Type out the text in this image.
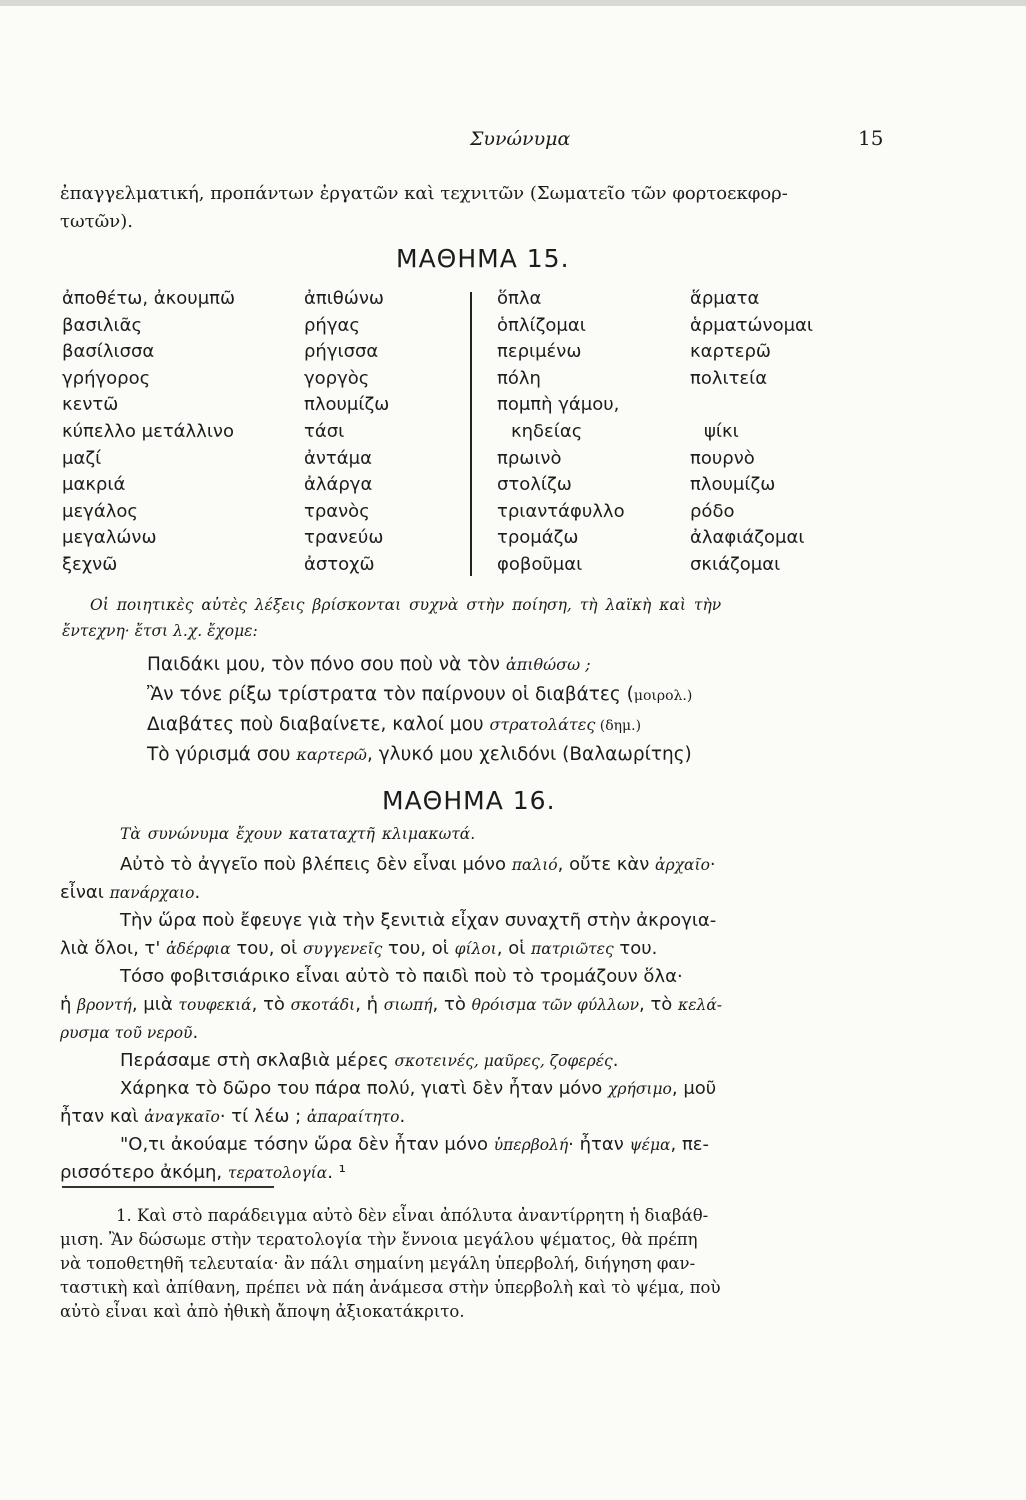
Συνώνυμα	15
ἐπαγγελματική, προπάντων ἐργατῶν καὶ τεχνιτῶν (Σωματεῖο τῶν φορτοεκφορ-
τωτῶν).
ΜΑΘΗΜΑ 15.
ἀποθέτω, ἀκουμπῶ
βασιλιᾶς
βασίλισσα
γρήγορος
κεντῶ
κύπελλο μετάλλινο
μαζί
μακριά
μεγάλος
μεγαλώνω
ξεχνῶ
ἀπιθώνω
ρήγας
ρήγισσα
γοργὸς
πλουμίζω
τάσι
ἀντάμα
ἀλάργα
τρανὸς
τρανεύω
ἀστοχῶ
ὅπλα
ὁπλίζομαι
περιμένω
πόλη
πομπὴ γάμου,
κηδείας
πρωινὸ
στολίζω
τριαντάφυλλο
τρομάζω
φοβοῦμαι
ἅρματα
ἁρματώνομαι
καρτερῶ
πολιτεία
ψίκι
πουρνὸ
πλουμίζω
ρόδο
ἀλαφιάζομαι
σκιάζομαι
Οἱ ποιητικὲς αὐτὲς λέξεις βρίσκονται συχνὰ στὴν ποίηση, τὴ λαϊκὴ καὶ τὴν
ἔντεχνη· ἔτσι λ.χ. ἔχομε:
Παιδάκι μου, τὸν πόνο σου ποὺ νὰ τὸν ἀπιθώσω ;
Ἂν τόνε ρίξω τρίστρατα τὸν παίρνουν οἱ διαβάτες (μοιρολ.)
Διαβάτες ποὺ διαβαίνετε, καλοί μου στρατολάτες (δημ.)
Τὸ γύρισμά σου καρτερῶ, γλυκό μου χελιδόνι (Βαλαωρίτης)
ΜΑΘΗΜΑ 16.
Τὰ συνώνυμα ἔχουν καταταχτῆ κλιμακωτά.
Αὐτὸ τὸ ἀγγεῖο ποὺ βλέπεις δὲν εἶναι μόνο παλιό, οὔτε κὰν ἀρχαῖο·
εἶναι πανάρχαιο.
Τὴν ὥρα ποὺ ἔφευγε γιὰ τὴν ξενιτιὰ εἶχαν συναχτῆ στὴν ἀκρογια-
λιὰ ὅλοι, τ' ἀδέρφια του, οἱ συγγενεῖς του, οἱ φίλοι, οἱ πατριῶτες του.
Τόσο φοβιτσιάρικο εἶναι αὐτὸ τὸ παιδὶ ποὺ τὸ τρομάζουν ὅλα·
ἡ βροντή, μιὰ τουφεκιά, τὸ σκοτάδι, ἡ σιωπή, τὸ θρόισμα τῶν φύλλων, τὸ κελά-
ρυσμα τοῦ νεροῦ.
Περάσαμε στὴ σκλαβιὰ μέρες σκοτεινές, μαῦρες, ζοφερές.
Χάρηκα τὸ δῶρο του πάρα πολύ, γιατὶ δὲν ἦταν μόνο χρήσιμο, μοῦ
ἦταν καὶ ἀναγκαῖο· τί λέω ; ἀπαραίτητο.
"Ο,τι ἀκούαμε τόσην ὥρα δὲν ἦταν μόνο ὑπερβολή· ἦταν ψέμα, πε-
ρισσότερο ἀκόμη, τερατολογία. ¹
1. Καὶ στὸ παράδειγμα αὐτὸ δὲν εἶναι ἀπόλυτα ἀναντίρρητη ἡ διαβάθ-
μιση. Ἂν δώσωμε στὴν τερατολογία τὴν ἔννοια μεγάλου ψέματος, θὰ πρέπη
νὰ τοποθετηθῆ τελευταία· ἂν πάλι σημαίνη μεγάλη ὑπερβολή, διήγηση φαν-
ταστικὴ καὶ ἀπίθανη, πρέπει νὰ πάη ἀνάμεσα στὴν ὑπερβολὴ καὶ τὸ ψέμα, ποὺ
αὐτὸ εἶναι καὶ ἀπὸ ἠθικὴ ἄποψη ἀξιοκατάκριτο.
